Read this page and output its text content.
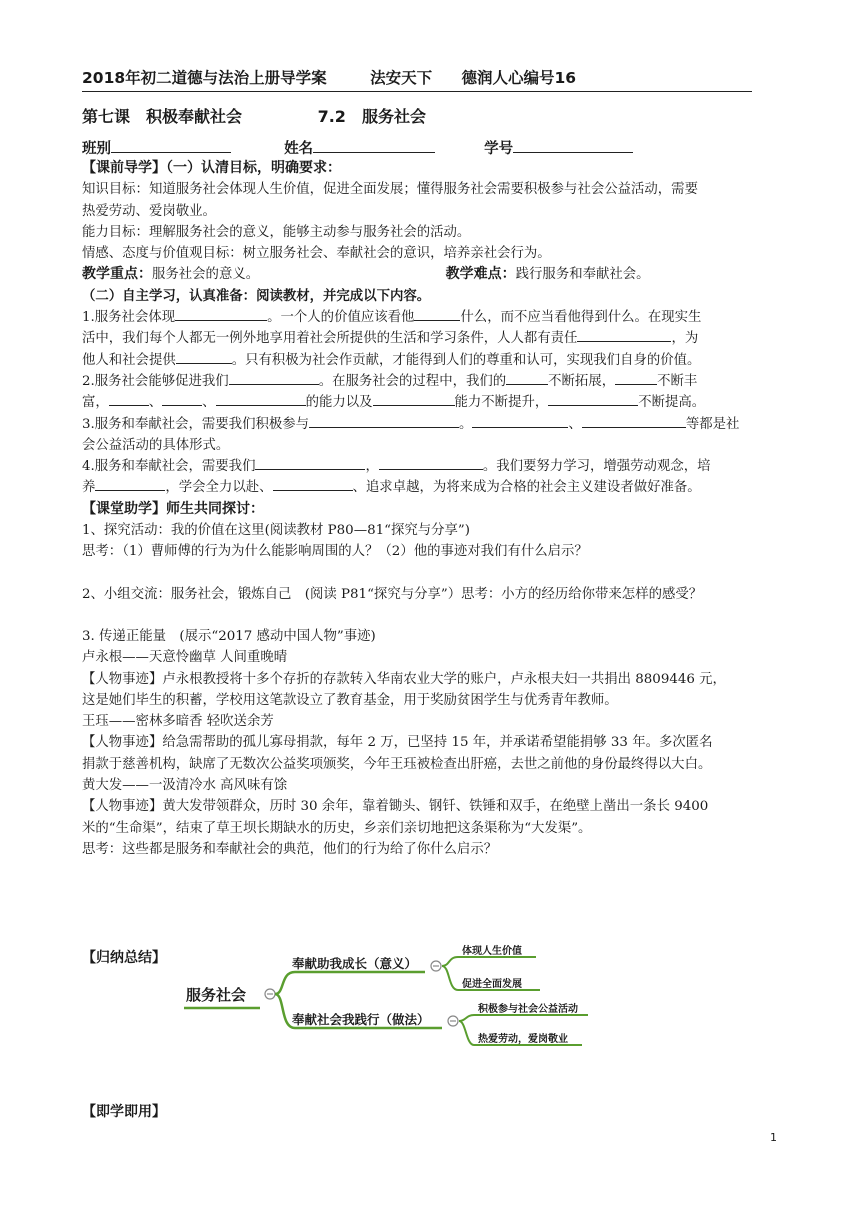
2018年初二道德与法治上册导学案	法安天下 德润人心编号16
第七课　积极奉献社会	7.2　服务社会
班别	姓名	学号
【课前导学】（一）认清目标，明确要求：
知识目标：知道服务社会体现人生价值，促进全面发展；懂得服务社会需要积极参与社会公益活动，需要
热爱劳动、爱岗敬业。
能力目标：理解服务社会的意义，能够主动参与服务社会的活动。
情感、态度与价值观目标：树立服务社会、奉献社会的意识，培养亲社会行为。
教学重点：服务社会的意义。	教学难点：践行服务和奉献社会。
（二）自主学习，认真准备：阅读教材，并完成以下内容。
1.服务社会体现	。一个人的价值应该看他	什么，而不应当看他得到什么。在现实生
活中，我们每个人都无一例外地享用着社会所提供的生活和学习条件，人人都有责任	，为
他人和社会提供	。只有积极为社会作贡献，才能得到人们的尊重和认可，实现我们自身的价值。
2.服务社会能够促进我们	。在服务社会的过程中，我们的	不断拓展，	不断丰
富，	、	、	的能力以及	能力不断提升，	不断提高。
3.服务和奉献社会，需要我们积极参与	。	、	等都是社
会公益活动的具体形式。
4.服务和奉献社会，需要我们	，	。我们要努力学习，增强劳动观念，培
养	，学会全力以赴、	、追求卓越，为将来成为合格的社会主义建设者做好准备。
【课堂助学】师生共同探讨：
1、探究活动：我的价值在这里(阅读教材 P80—81“探究与分享”)
思考：（1）曹师傅的行为为什么能影响周围的人？（2）他的事迹对我们有什么启示？
2、小组交流：服务社会，锻炼自己　(阅读 P81“探究与分享”）思考：小方的经历给你带来怎样的感受？
3. 传递正能量　(展示“2017 感动中国人物”事迹)
卢永根——天意怜幽草 人间重晚晴
【人物事迹】卢永根教授将十多个存折的存款转入华南农业大学的账户，卢永根夫妇一共捐出 8809446 元，
这是她们毕生的积蓄，学校用这笔款设立了教育基金，用于奖励贫困学生与优秀青年教师。
王珏——密林多暗香 轻吹送余芳
【人物事迹】给急需帮助的孤儿寡母捐款，每年 2 万，已坚持 15 年，并承诺希望能捐够 33 年。多次匿名
捐款于慈善机构，缺席了无数次公益奖项颁奖，今年王珏被检查出肝癌，去世之前他的身份最终得以大白。
黄大发——一汲清冷水 高风味有馀
【人物事迹】黄大发带领群众，历时 30 余年，靠着锄头、钢钎、铁锤和双手，在绝壁上凿出一条长 9400
米的“生命渠”，结束了草王坝长期缺水的历史，乡亲们亲切地把这条渠称为“大发渠”。
思考：这些都是服务和奉献社会的典范，他们的行为给了你什么启示？
【归纳总结】
服务社会
奉献助我成长（意义）
体现人生价值
促进全面发展
奉献社会我践行（做法）
积极参与社会公益活动
热爱劳动，爱岗敬业
【即学即用】
1
